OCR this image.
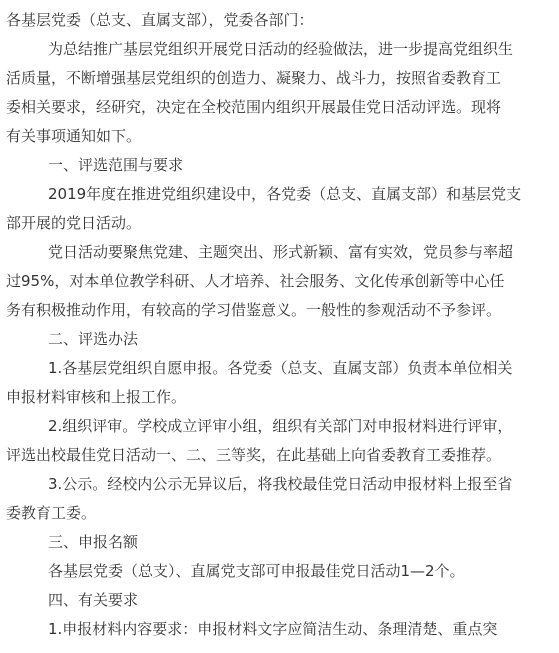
各基层党委（总支、直属支部），党委各部门：
为总结推广基层党组织开展党日活动的经验做法，进一步提高党组织生
活质量，不断增强基层党组织的创造力、凝聚力、战斗力，按照省委教育工
委相关要求，经研究，决定在全校范围内组织开展最佳党日活动评选。现将
有关事项通知如下。
一、评选范围与要求
2019年度在推进党组织建设中，各党委（总支、直属支部）和基层党支
部开展的党日活动。
党日活动要聚焦党建、主题突出、形式新颖、富有实效，党员参与率超
过95%，对本单位教学科研、人才培养、社会服务、文化传承创新等中心任
务有积极推动作用，有较高的学习借鉴意义。一般性的参观活动不予参评。
二、评选办法
1.各基层党组织自愿申报。各党委（总支、直属支部）负责本单位相关
申报材料审核和上报工作。
2.组织评审。学校成立评审小组，组织有关部门对申报材料进行评审，
评选出校最佳党日活动一、二、三等奖，在此基础上向省委教育工委推荐。
3.公示。经校内公示无异议后，将我校最佳党日活动申报材料上报至省
委教育工委。
三、申报名额
各基层党委（总支）、直属党支部可申报最佳党日活动1—2个。
四、有关要求
1.申报材料内容要求：申报材料文字应简洁生动、条理清楚、重点突
